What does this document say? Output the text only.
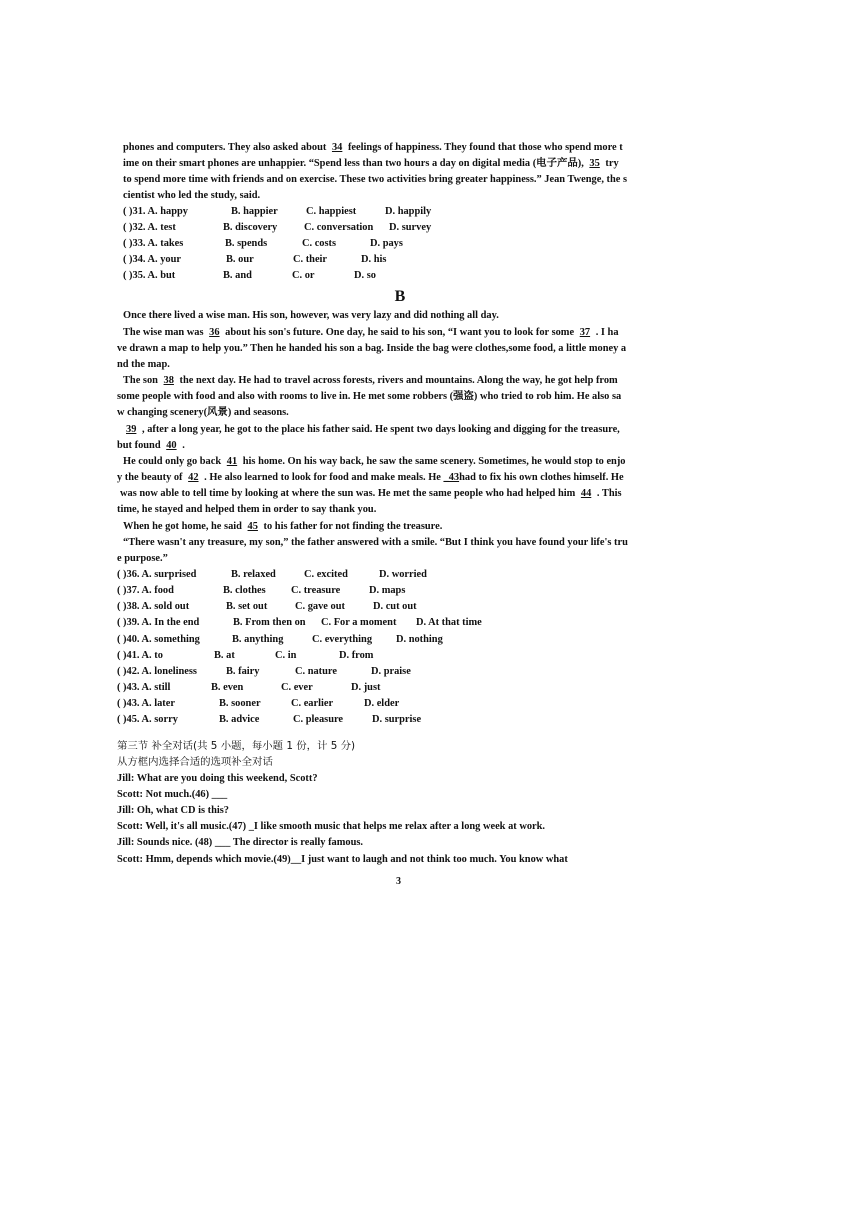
phones and computers. They also asked about 34 feelings of happiness. They found that those who spend more t
ime on their smart phones are unhappier. “Spend less than two hours a day on digital media (电子产品), 35 try
to spend more time with friends and on exercise. These two activities bring greater happiness.” Jean Twenge, the s
cientist who led the study, said.
( )31. A. happy	B. happier	C. happiest	D. happily
( )32. A. test	B. discovery	C. conversation D. survey
( )33. A. takes	B. spends	C. costs	D. pays
( )34. A. your	B. our	C. their	D. his
( )35. A. but	B. and	C. or	D. so
B
Once there lived a wise man. His son, however, was very lazy and did nothing all day.
The wise man was 36 about his son's future. One day, he said to his son, “I want you to look for some 37 . I ha
ve drawn a map to help you.” Then he handed his son a bag. Inside the bag were clothes,some food, a little money a
nd the map.
The son 38 the next day. He had to travel across forests, rivers and mountains. Along the way, he got help from
some people with food and also with rooms to live in. He met some robbers (强盗) who tried to rob him. He also sa
w changing scenery(风景) and seasons.
39 , after a long year, he got to the place his father said. He spent two days looking and digging for the treasure,
but found 40 .
He could only go back 41 his home. On his way back, he saw the same scenery. Sometimes, he would stop to enjo
y the beauty of 42 . He also learned to look for food and make meals. He _43had to fix his own clothes himself. He
was now able to tell time by looking at where the sun was. He met the same people who had helped him 44 . This
time, he stayed and helped them in order to say thank you.
When he got home, he said 45 to his father for not finding the treasure.
“There wasn't any treasure, my son,” the father answered with a smile. “But I think you have found your life's tru
e purpose.”
( )36. A. surprised	B. relaxed	C. excited	D. worried
( )37. A. food	B. clothes C. treasure	D. maps
( )38. A. sold out	B. set out	C. gave out	D. cut out
( )39. A. In the end	B. From then on C. For a moment D. At that time
( )40. A. something	B. anything	C. everything D. nothing
( )41. A. to	B. at	C. in	D. from
( )42. A. loneliness	B. fairy	C. nature	D. praise
( )43. A. still	B. even	C. ever	D. just
( )43. A. later	B. sooner	C. earlier	D. elder
( )45. A. sorry	B. advice	C. pleasure	D. surprise
第三节 补全对话(共 5 小题，每小题 1 份，计 5 分)
从方框内选择合适的选项补全对话
Jill: What are you doing this weekend, Scott?
Scott: Not much.(46) ___
Jill: Oh, what CD is this?
Scott: Well, it's all music.(47) _I like smooth music that helps me relax after a long week at work.
Jill: Sounds nice. (48) ___ The director is really famous.
Scott: Hmm, depends which movie.(49)__I just want to laugh and not think too much. You know what
3
